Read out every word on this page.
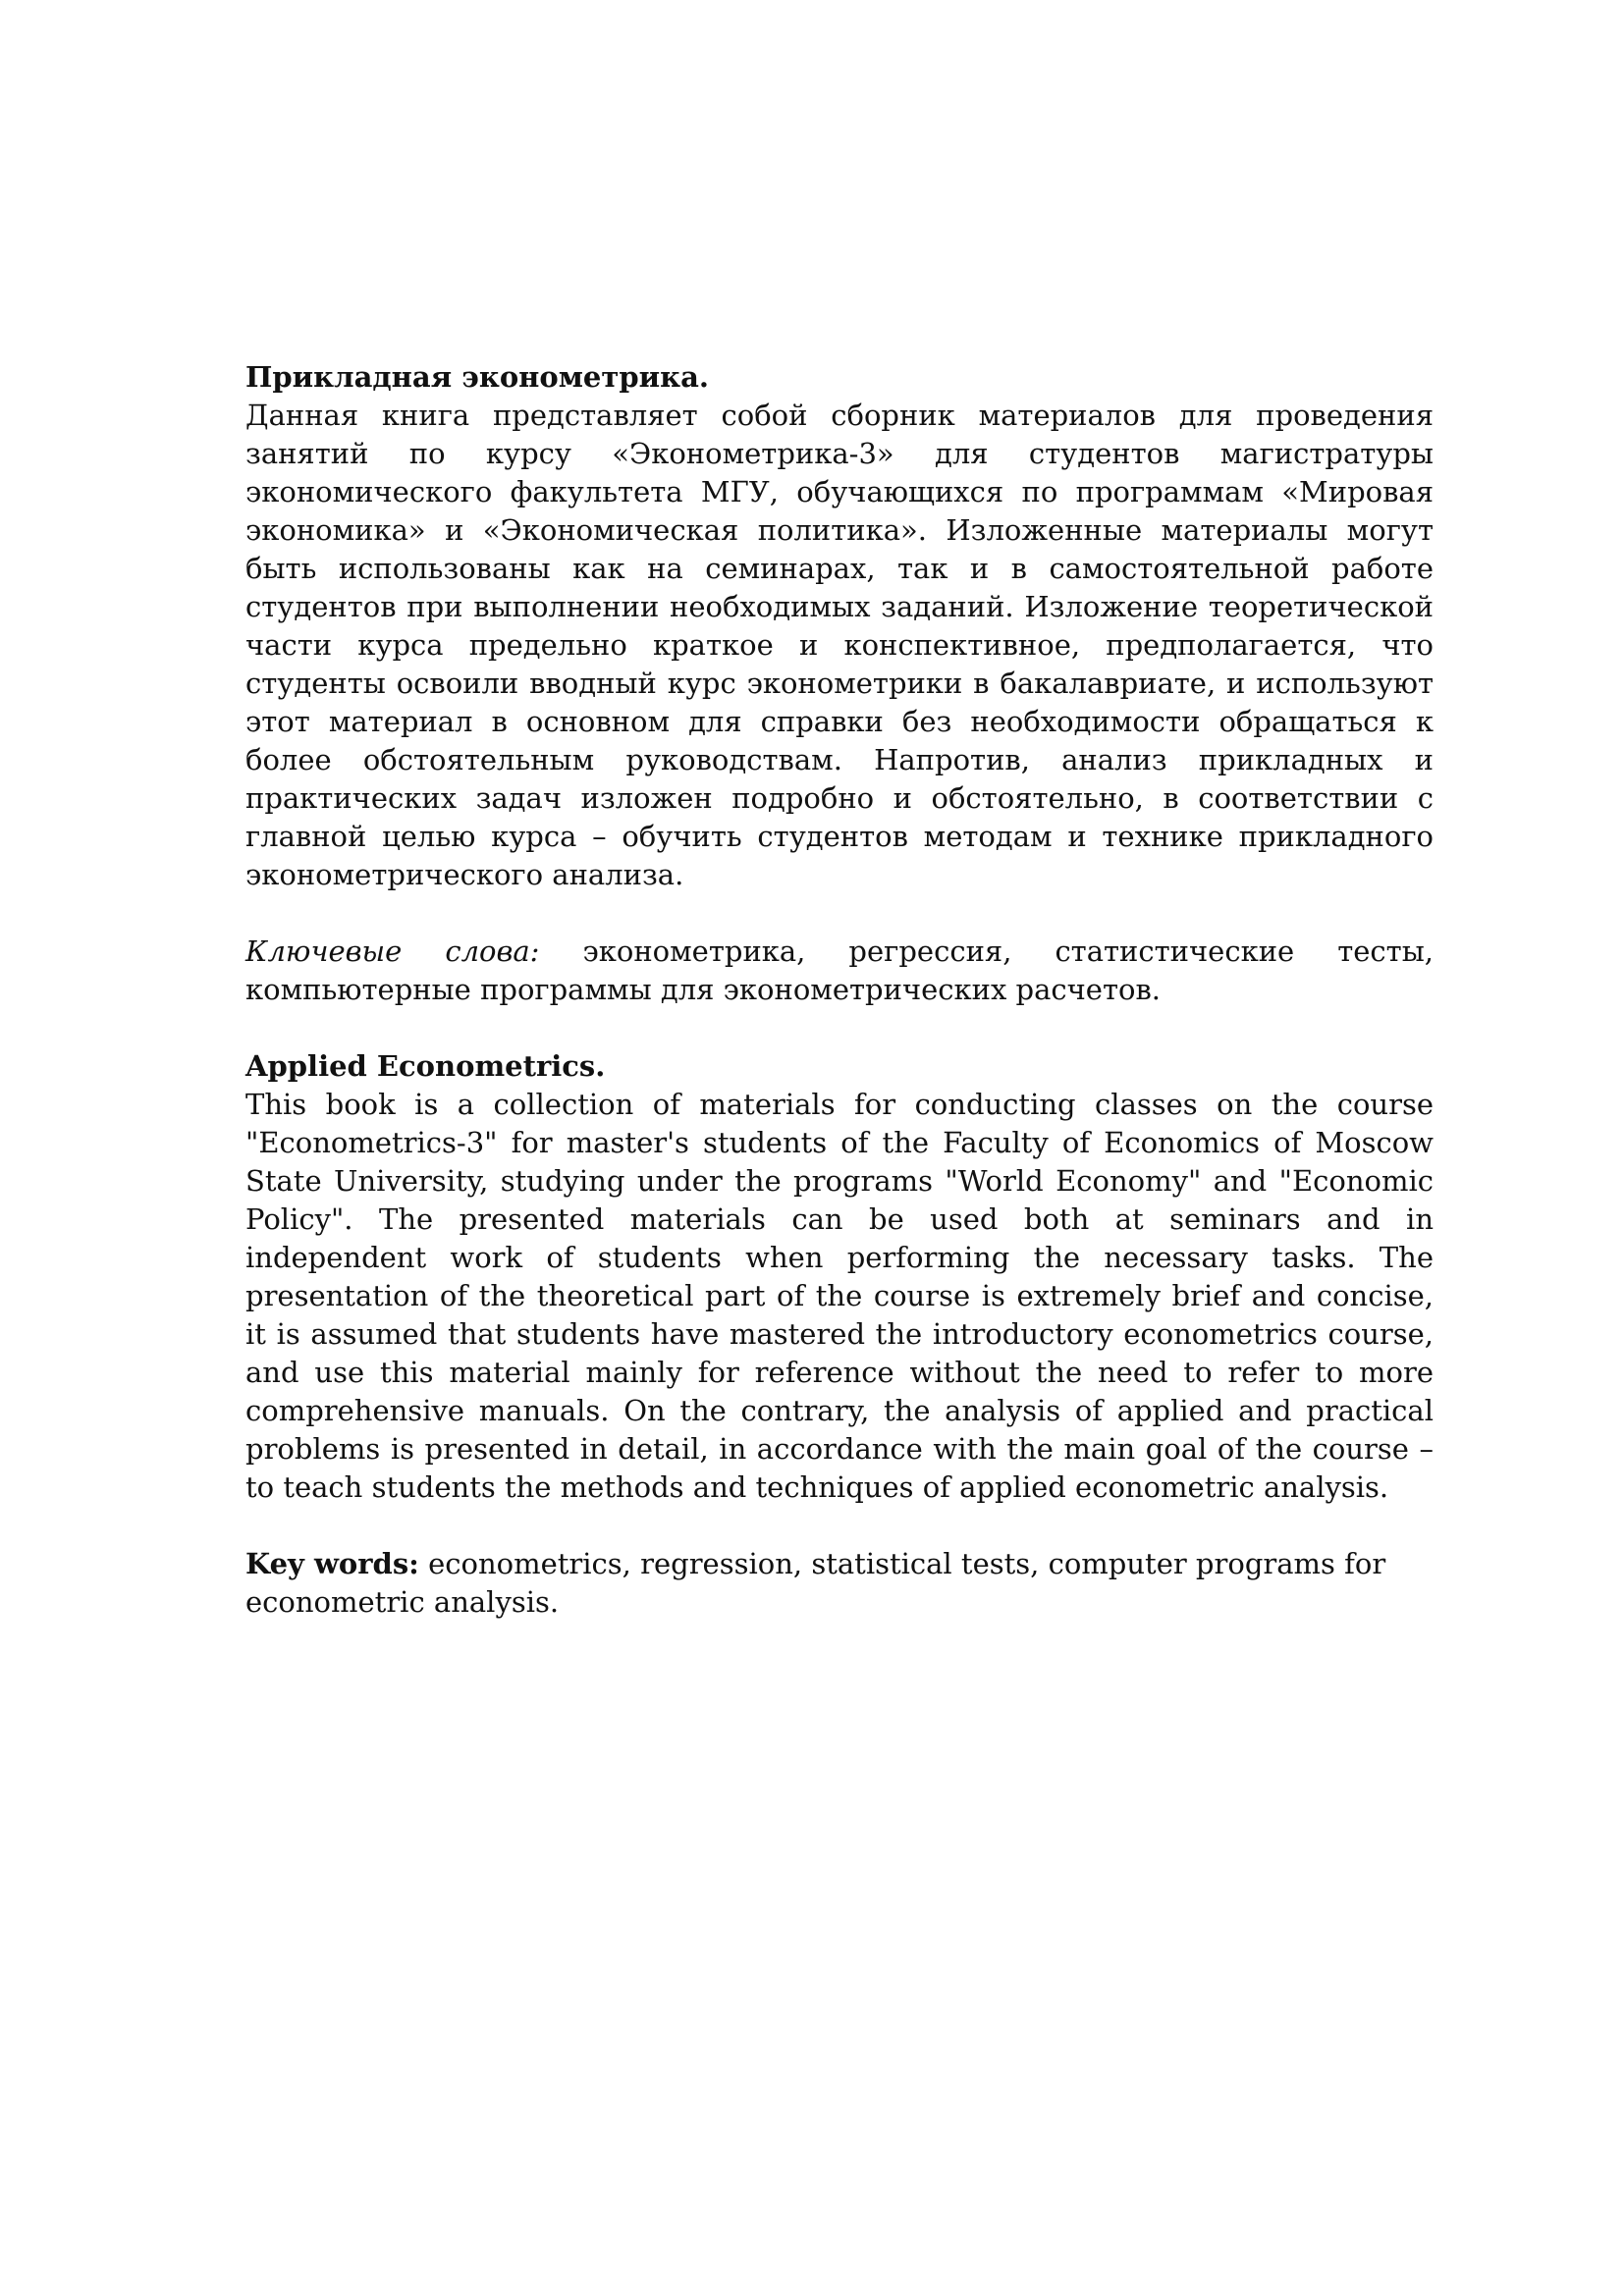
Прикладная эконометрика.

Данная книга представляет собой сборник материалов для проведения занятий по курсу «Эконометрика-3» для студентов магистратуры экономического факультета МГУ, обучающихся по программам «Мировая экономика» и «Экономическая политика». Изложенные материалы могут быть использованы как на семинарах, так и в самостоятельной работе студентов при выполнении необходимых заданий. Изложение теоретической части курса предельно краткое и конспективное, предполагается, что студенты освоили вводный курс эконометрики в бакалавриате, и используют этот материал в основном для справки без необходимости обращаться к более обстоятельным руководствам. Напротив, анализ прикладных и практических задач изложен подробно и обстоятельно, в соответствии с главной целью курса – обучить студентов методам и технике прикладного эконометрического анализа.

Ключевые слова: эконометрика, регрессия, статистические тесты, компьютерные программы для эконометрических расчетов.

Applied Econometrics.

This book is a collection of materials for conducting classes on the course "Econometrics-3" for master's students of the Faculty of Economics of Moscow State University, studying under the programs "World Economy" and "Economic Policy". The presented materials can be used both at seminars and in independent work of students when performing the necessary tasks. The presentation of the theoretical part of the course is extremely brief and concise, it is assumed that students have mastered the introductory econometrics course, and use this material mainly for reference without the need to refer to more comprehensive manuals. On the contrary, the analysis of applied and practical problems is presented in detail, in accordance with the main goal of the course – to teach students the methods and techniques of applied econometric analysis.

Key words: econometrics, regression, statistical tests, computer programs for econometric analysis.
